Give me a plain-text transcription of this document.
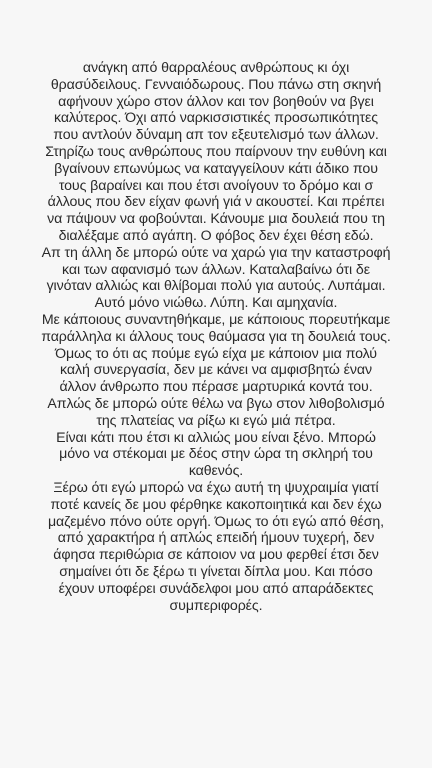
ανάγκη από θαρραλέους ανθρώπους κι όχι
θρασύδειλους. Γενναιόδωρους. Που πάνω στη σκηνή
αφήνουν χώρο στον άλλον και τον βοηθούν να βγει
καλύτερος. Όχι από ναρκισσιστικές προσωπικότητες
που αντλούν δύναμη απ τον εξευτελισμό των άλλων.
Στηρίζω τους ανθρώπους που παίρνουν την ευθύνη και
βγαίνουν επωνύμως να καταγγείλουν κάτι άδικο που
τους βαραίνει και που έτσι ανοίγουν το δρόμο και σ
άλλους που δεν είχαν φωνή γιά ν ακουστεί. Και πρέπει
να πάψουν να φοβούνται. Κάνουμε μια δουλειά που τη
διαλέξαμε από αγάπη. Ο φόβος δεν έχει θέση εδώ.
Απ τη άλλη δε μπορώ ούτε να χαρώ για την καταστροφή
και των αφανισμό των άλλων. Καταλαβαίνω ότι δε
γινόταν αλλιώς και θλίβομαι πολύ για αυτούς. Λυπάμαι.
Αυτό μόνο νιώθω. Λύπη. Και αμηχανία.
Με κάποιους συναντηθήκαμε, με κάποιους πορευτήκαμε
παράλληλα κι άλλους τους θαύμασα για τη δουλειά τους.
Όμως το ότι ας πούμε εγώ είχα με κάποιον μια πολύ
καλή συνεργασία, δεν με κάνει να αμφισβητώ έναν
άλλον άνθρωπο που πέρασε μαρτυρικά κοντά του.
Απλώς δε μπορώ ούτε θέλω να βγω στον λιθοβολισμό
της πλατείας να ρίξω κι εγώ μιά πέτρα.
Είναι κάτι που έτσι κι αλλιώς μου είναι ξένο. Μπορώ
μόνο να στέκομαι με δέος στην ώρα τη σκληρή του
καθενός.
Ξέρω ότι εγώ μπορώ να έχω αυτή τη ψυχραιμία γιατί
ποτέ κανείς δε μου φέρθηκε κακοποιητικά και δεν έχω
μαζεμένο πόνο ούτε οργή. Όμως το ότι εγώ από θέση,
από χαρακτήρα ή απλώς επειδή ήμουν τυχερή, δεν
άφησα περιθώρια σε κάποιον να μου φερθεί έτσι δεν
σημαίνει ότι δε ξέρω τι γίνεται δίπλα μου. Και πόσο
έχουν υποφέρει συνάδελφοι μου από απαράδεκτες
συμπεριφορές.
